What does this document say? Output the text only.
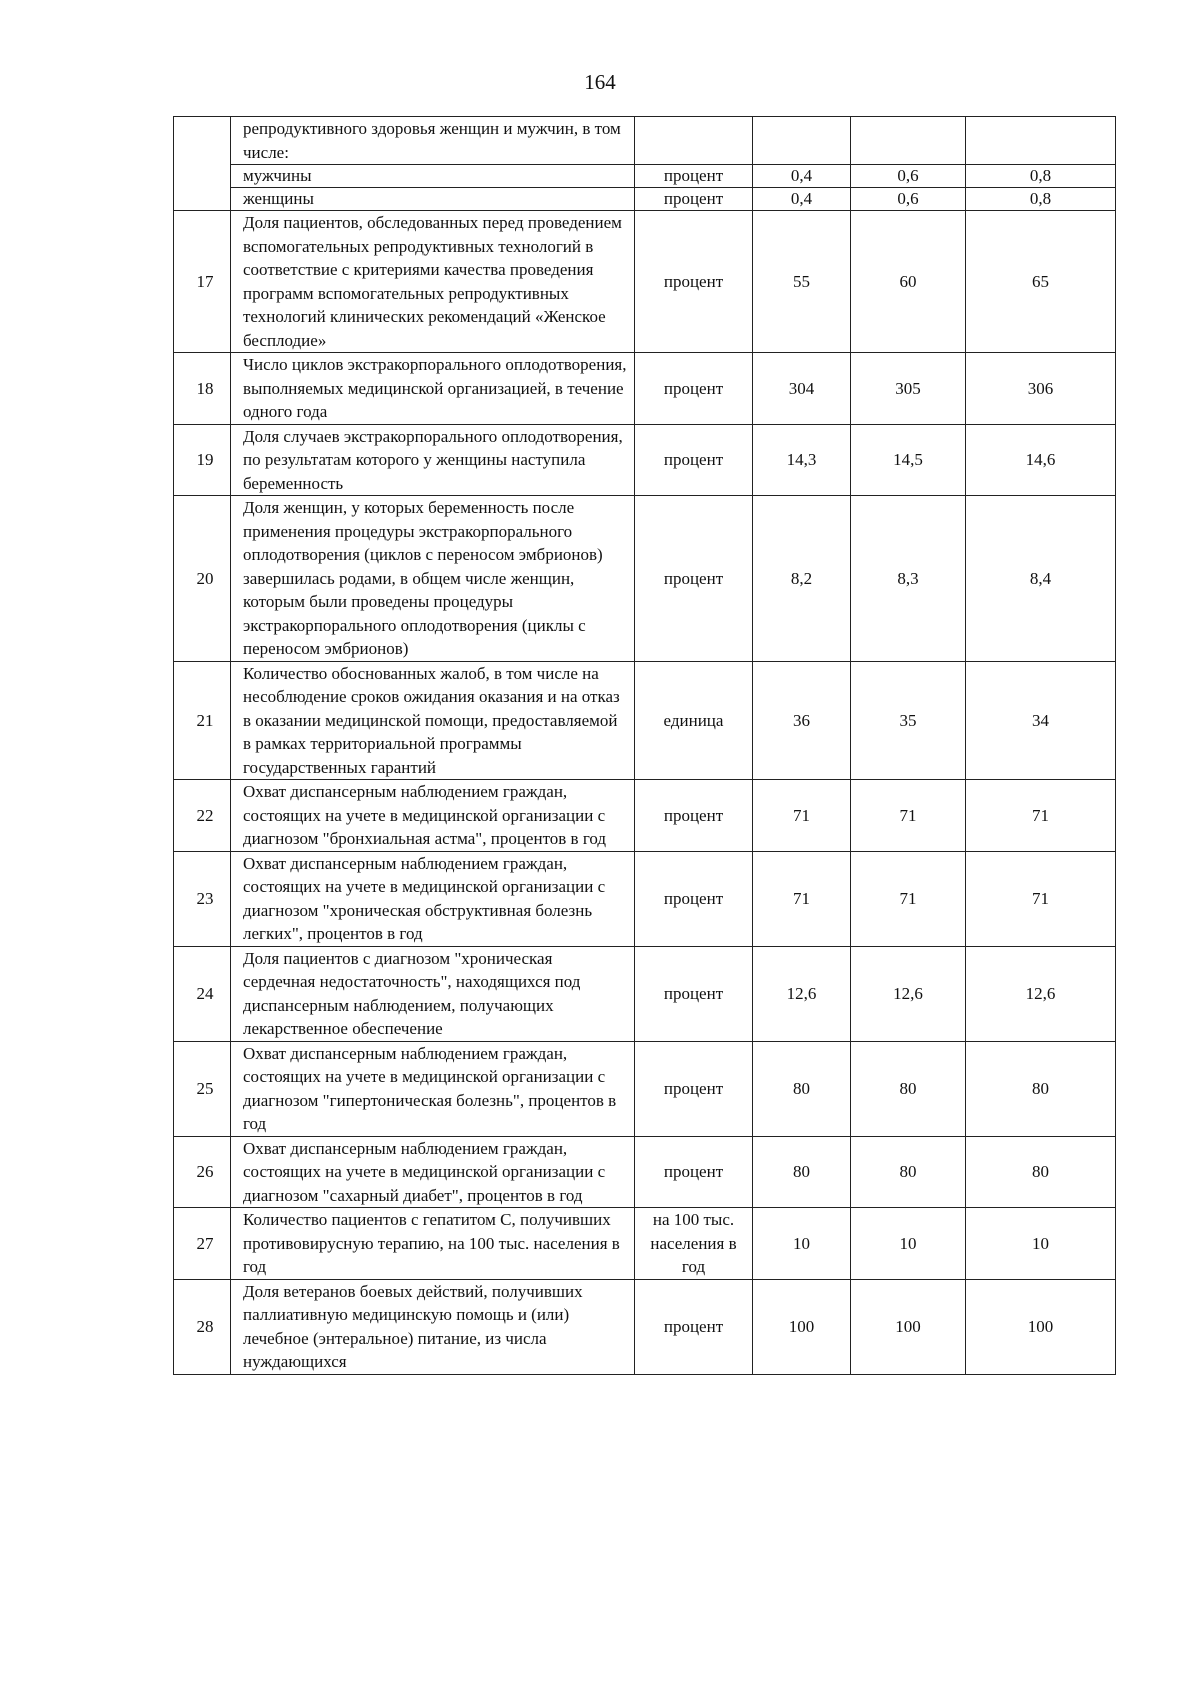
164
	репродуктивного здоровья женщин и мужчин, в том числе:				
	мужчины	процент	0,4	0,6	0,8
	женщины	процент	0,4	0,6	0,8
17	Доля пациентов, обследованных перед проведением вспомогательных репродуктивных технологий в соответствие с критериями качества проведения программ вспомогательных репродуктивных технологий клинических рекомендаций «Женское бесплодие»	процент	55	60	65
18	Число циклов экстракорпорального оплодотворения, выполняемых медицинской организацией, в течение одного года	процент	304	305	306
19	Доля случаев экстракорпорального оплодотворения, по результатам которого у женщины наступила беременность	процент	14,3	14,5	14,6
20	Доля женщин, у которых беременность после применения процедуры экстракорпорального оплодотворения (циклов с переносом эмбрионов) завершилась родами, в общем числе женщин, которым были проведены процедуры экстракорпорального оплодотворения (циклы с переносом эмбрионов)	процент	8,2	8,3	8,4
21	Количество обоснованных жалоб, в том числе на несоблюдение сроков ожидания оказания и на отказ в оказании медицинской помощи, предоставляемой в рамках территориальной программы государственных гарантий	единица	36	35	34
22	Охват диспансерным наблюдением граждан, состоящих на учете в медицинской организации с диагнозом "бронхиальная астма", процентов в год	процент	71	71	71
23	Охват диспансерным наблюдением граждан, состоящих на учете в медицинской организации с диагнозом "хроническая обструктивная болезнь легких", процентов в год	процент	71	71	71
24	Доля пациентов с диагнозом "хроническая сердечная недостаточность", находящихся под диспансерным наблюдением, получающих лекарственное обеспечение	процент	12,6	12,6	12,6
25	Охват диспансерным наблюдением граждан, состоящих на учете в медицинской организации с диагнозом "гипертоническая болезнь", процентов в год	процент	80	80	80
26	Охват диспансерным наблюдением граждан, состоящих на учете в медицинской организации с диагнозом "сахарный диабет", процентов в год	процент	80	80	80
27	Количество пациентов с гепатитом С, получивших противовирусную терапию, на 100 тыс. населения в год	на 100 тыс. населения в год	10	10	10
28	Доля ветеранов боевых действий, получивших паллиативную медицинскую помощь и (или) лечебное (энтеральное) питание, из числа нуждающихся	процент	100	100	100
